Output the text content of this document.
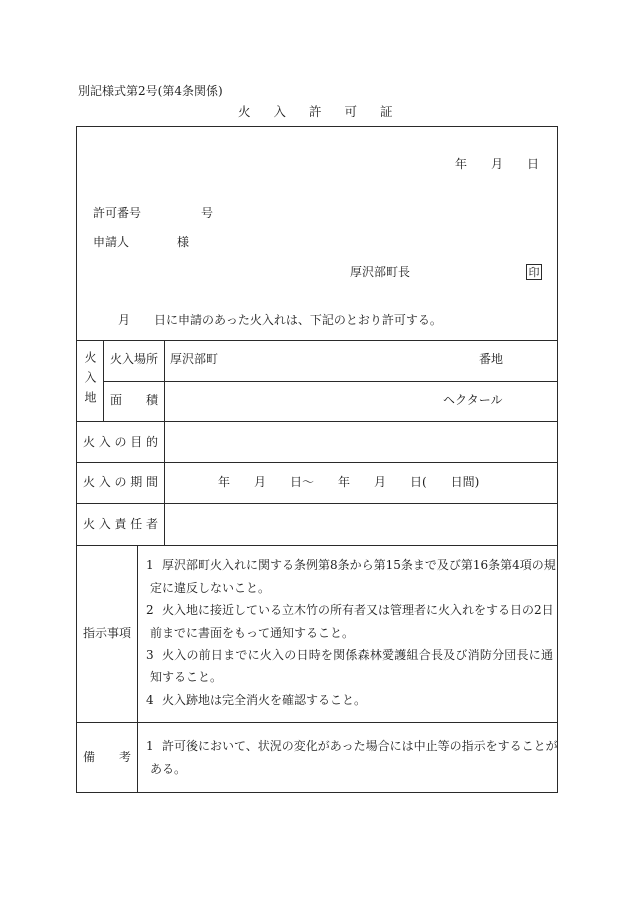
別記様式第2号(第4条関係)
火入許可証
年　　月　　日
許可番号　　　　　号
申請人　　　　様
厚沢部町長	印
月　　日に申請のあった火入れは、下記のとおり許可する。
火入地 火入場所 厚沢部町	番地
面　　積	ヘクタール
火入の目的
火入の期間	年　　月　　日〜　　年　　月　　日(　　日間)
火入責任者
指示事項
1 厚沢部町火入れに関する条例第8条から第15条まで及び第16条第4項の規
定に違反しないこと。
2 火入地に接近している立木竹の所有者又は管理者に火入れをする日の2日
前までに書面をもって通知すること。
3 火入の前日までに火入の日時を関係森林愛護組合長及び消防分団長に通
知すること。
4 火入跡地は完全消火を確認すること。
備　　考
1 許可後において、状況の変化があった場合には中止等の指示をすることが
ある。
